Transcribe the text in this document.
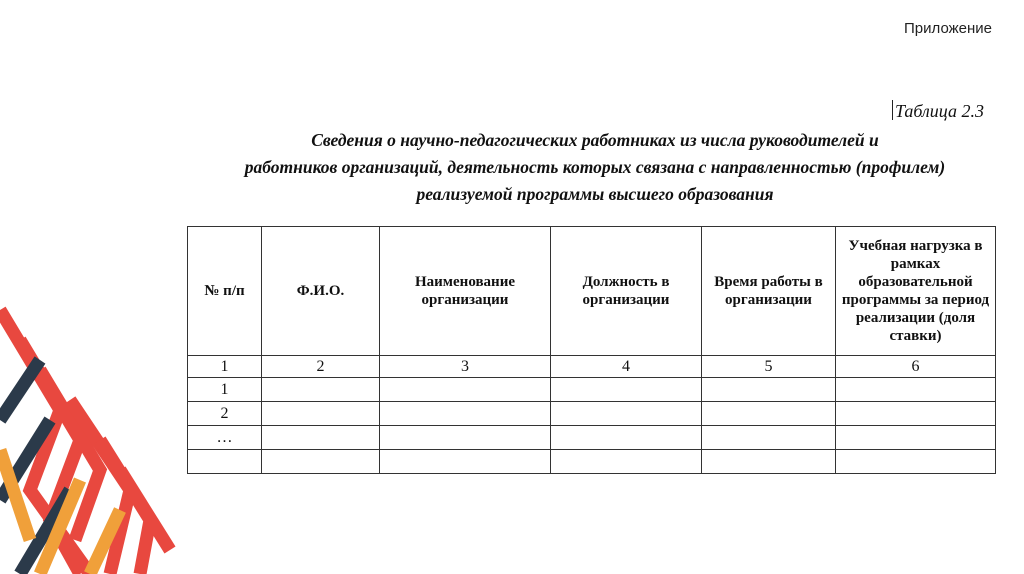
Приложение
Таблица 2.3
Сведения о научно-педагогических работниках из числа руководителей и
работников организаций, деятельность которых связана с направленностью (профилем)
реализуемой программы высшего образования
№ п/п	Ф.И.О.	Наименование организации	Должность в организации	Время работы в организации	Учебная нагрузка в рамках образовательной программы за период реализации (доля ставки)
1	2	3	4	5	6
1					
2					
…					
